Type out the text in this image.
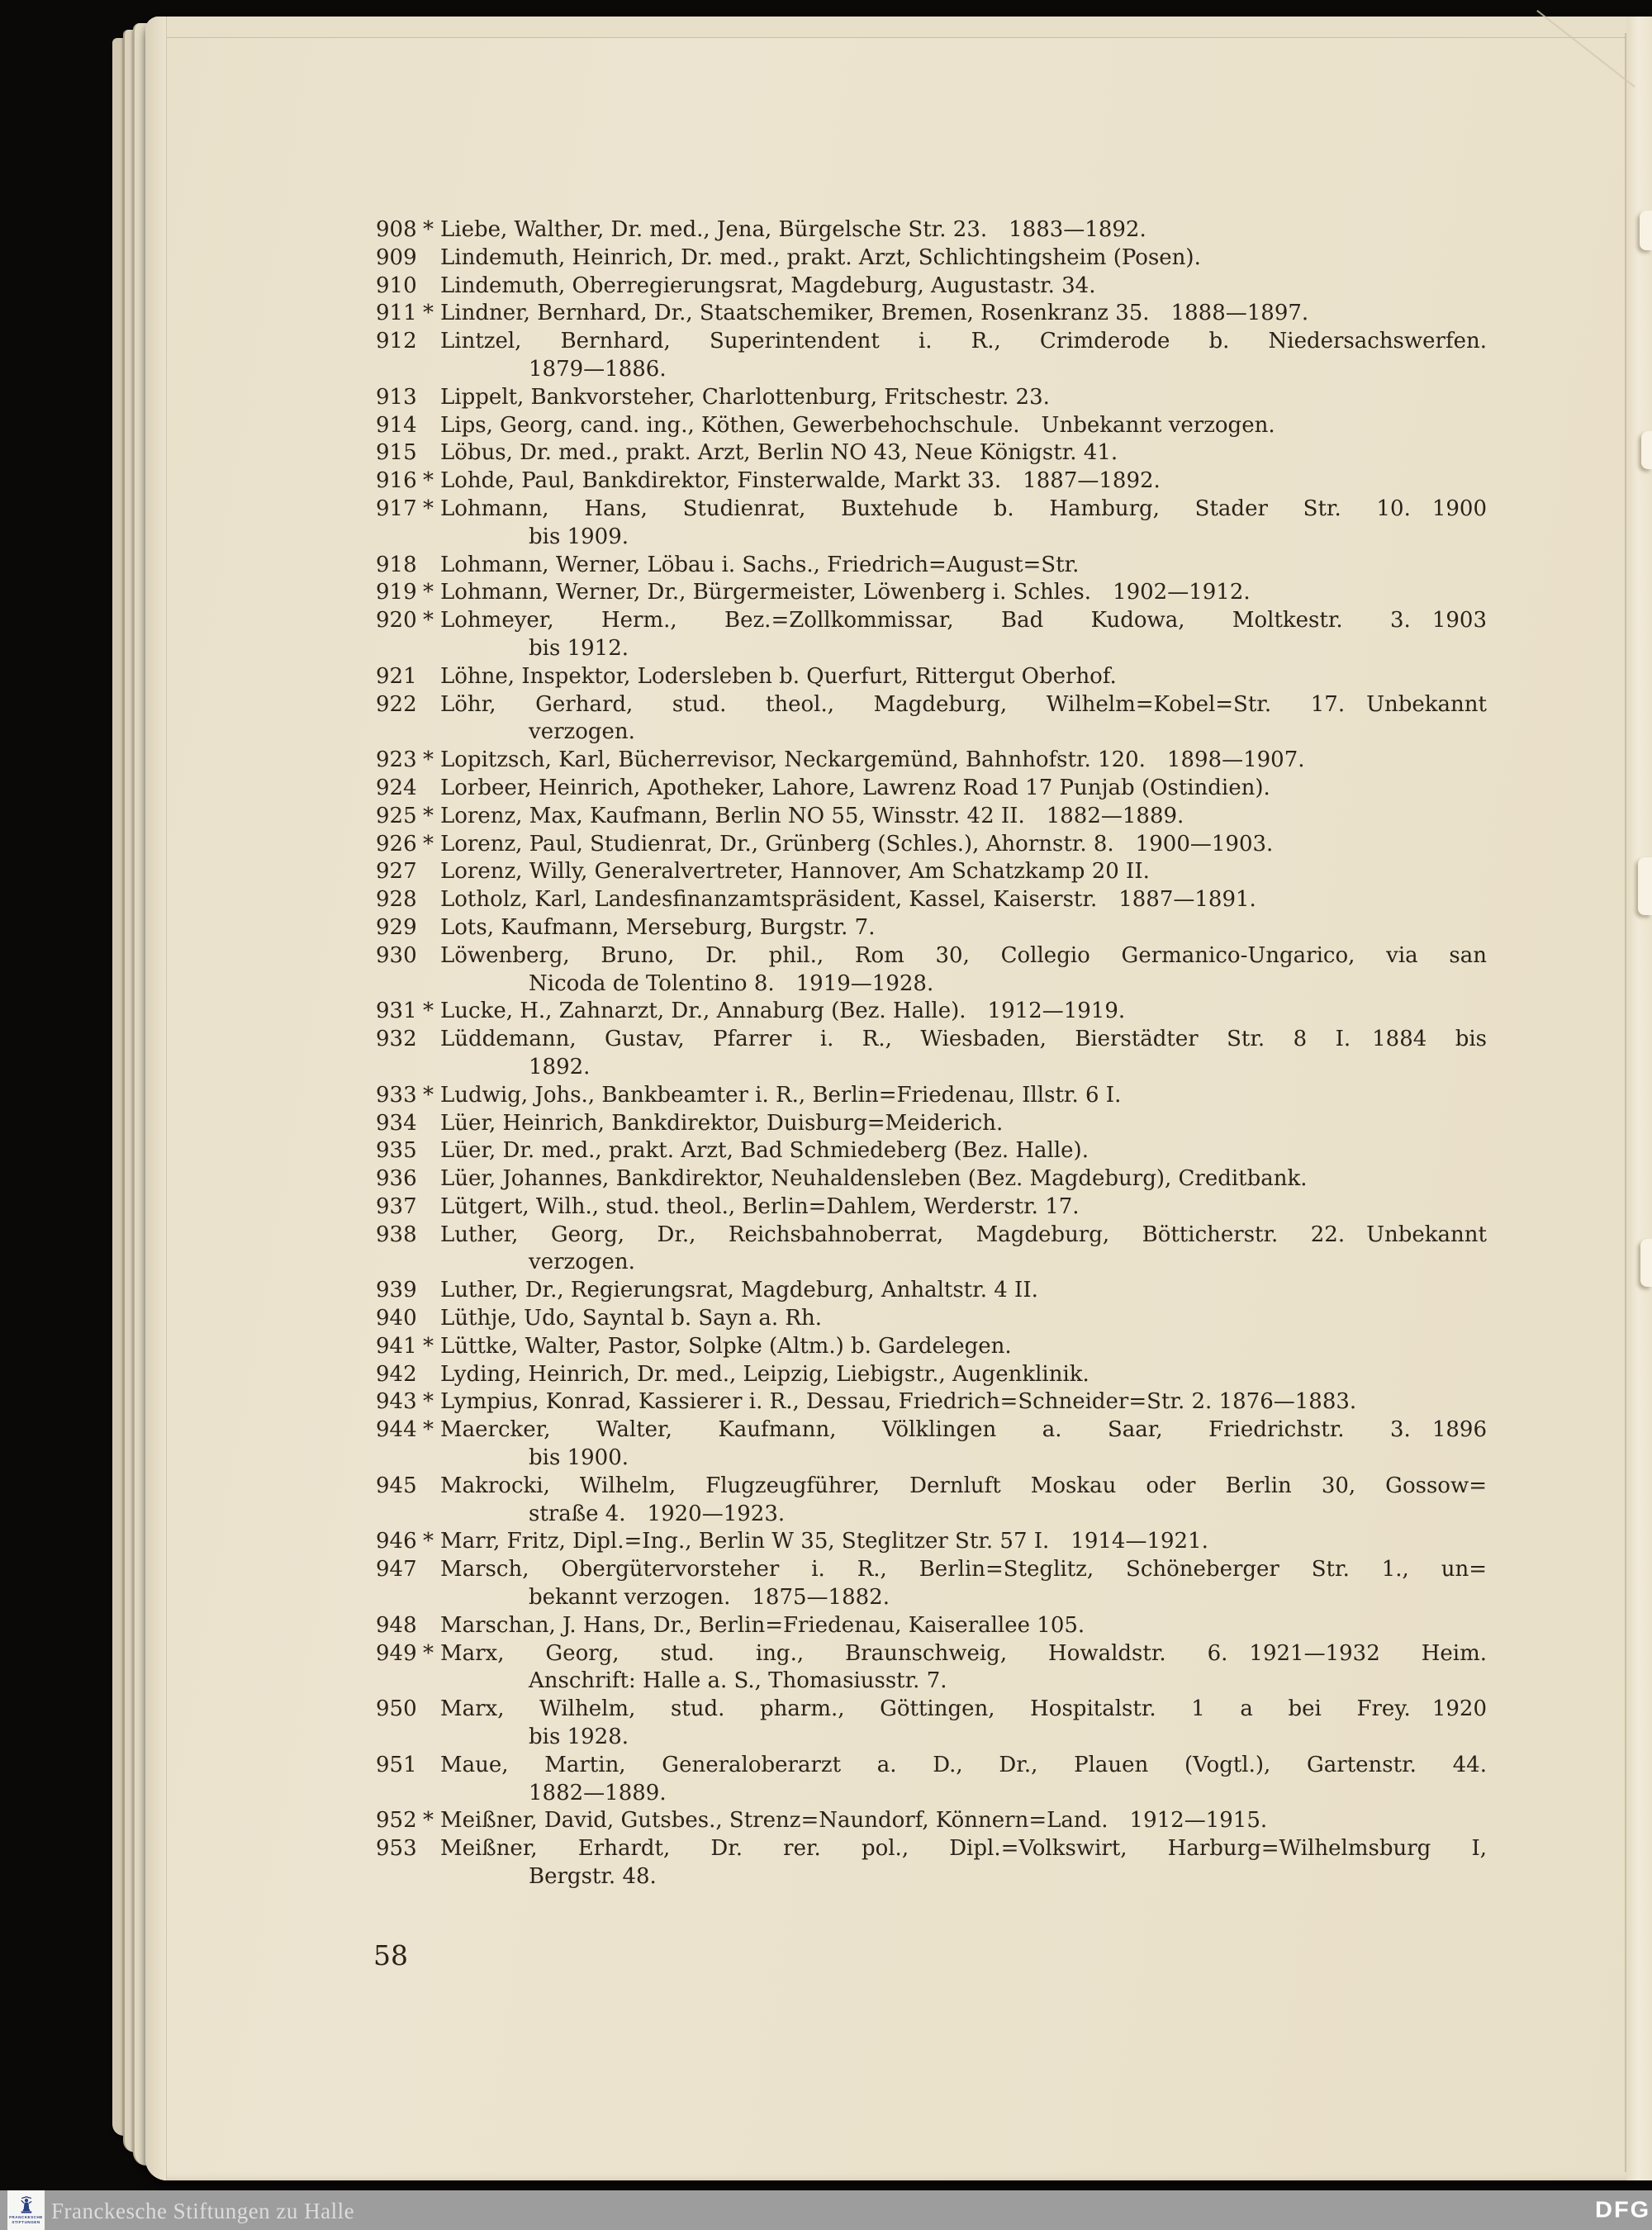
908 * Liebe, Walther, Dr. med., Jena, Bürgelsche Str. 23. 1883—1892.
909 Lindemuth, Heinrich, Dr. med., prakt. Arzt, Schlichtingsheim (Posen).
910 Lindemuth, Oberregierungsrat, Magdeburg, Augustastr. 34.
911 * Lindner, Bernhard, Dr., Staatschemiker, Bremen, Rosenkranz 35. 1888—1897.
912 Lintzel, Bernhard, Superintendent i. R., Crimderode b. Niedersachswerfen.
1879—1886.
913 Lippelt, Bankvorsteher, Charlottenburg, Fritschestr. 23.
914 Lips, Georg, cand. ing., Köthen, Gewerbehochschule. Unbekannt verzogen.
915 Löbus, Dr. med., prakt. Arzt, Berlin NO 43, Neue Königstr. 41.
916 * Lohde, Paul, Bankdirektor, Finsterwalde, Markt 33. 1887—1892.
917 * Lohmann, Hans, Studienrat, Buxtehude b. Hamburg, Stader Str. 10. 1900
bis 1909.
918 Lohmann, Werner, Löbau i. Sachs., Friedrich=August=Str.
919 * Lohmann, Werner, Dr., Bürgermeister, Löwenberg i. Schles. 1902—1912.
920 * Lohmeyer, Herm., Bez.=Zollkommissar, Bad Kudowa, Moltkestr. 3. 1903
bis 1912.
921 Löhne, Inspektor, Lodersleben b. Querfurt, Rittergut Oberhof.
922 Löhr, Gerhard, stud. theol., Magdeburg, Wilhelm=Kobel=Str. 17. Unbekannt
verzogen.
923 * Lopitzsch, Karl, Bücherrevisor, Neckargemünd, Bahnhofstr. 120. 1898—1907.
924 Lorbeer, Heinrich, Apotheker, Lahore, Lawrenz Road 17 Punjab (Ostindien).
925 * Lorenz, Max, Kaufmann, Berlin NO 55, Winsstr. 42 II. 1882—1889.
926 * Lorenz, Paul, Studienrat, Dr., Grünberg (Schles.), Ahornstr. 8. 1900—1903.
927 Lorenz, Willy, Generalvertreter, Hannover, Am Schatzkamp 20 II.
928 Lotholz, Karl, Landesfinanzamtspräsident, Kassel, Kaiserstr. 1887—1891.
929 Lots, Kaufmann, Merseburg, Burgstr. 7.
930 Löwenberg, Bruno, Dr. phil., Rom 30, Collegio Germanico-Ungarico, via san
Nicoda de Tolentino 8. 1919—1928.
931 * Lucke, H., Zahnarzt, Dr., Annaburg (Bez. Halle). 1912—1919.
932 Lüddemann, Gustav, Pfarrer i. R., Wiesbaden, Bierstädter Str. 8 I. 1884 bis
1892.
933 * Ludwig, Johs., Bankbeamter i. R., Berlin=Friedenau, Illstr. 6 I.
934 Lüer, Heinrich, Bankdirektor, Duisburg=Meiderich.
935 Lüer, Dr. med., prakt. Arzt, Bad Schmiedeberg (Bez. Halle).
936 Lüer, Johannes, Bankdirektor, Neuhaldensleben (Bez. Magdeburg), Creditbank.
937 Lütgert, Wilh., stud. theol., Berlin=Dahlem, Werderstr. 17.
938 Luther, Georg, Dr., Reichsbahnoberrat, Magdeburg, Bötticherstr. 22. Unbekannt
verzogen.
939 Luther, Dr., Regierungsrat, Magdeburg, Anhaltstr. 4 II.
940 Lüthje, Udo, Sayntal b. Sayn a. Rh.
941 * Lüttke, Walter, Pastor, Solpke (Altm.) b. Gardelegen.
942 Lyding, Heinrich, Dr. med., Leipzig, Liebigstr., Augenklinik.
943 * Lympius, Konrad, Kassierer i. R., Dessau, Friedrich=Schneider=Str. 2. 1876—1883.
944 * Maercker, Walter, Kaufmann, Völklingen a. Saar, Friedrichstr. 3. 1896
bis 1900.
945 Makrocki, Wilhelm, Flugzeugführer, Dernluft Moskau oder Berlin 30, Gossow=
straße 4. 1920—1923.
946 * Marr, Fritz, Dipl.=Ing., Berlin W 35, Steglitzer Str. 57 I. 1914—1921.
947 Marsch, Obergütervorsteher i. R., Berlin=Steglitz, Schöneberger Str. 1., un=
bekannt verzogen. 1875—1882.
948 Marschan, J. Hans, Dr., Berlin=Friedenau, Kaiserallee 105.
949 * Marx, Georg, stud. ing., Braunschweig, Howaldstr. 6. 1921—1932 Heim.
Anschrift: Halle a. S., Thomasiusstr. 7.
950 Marx, Wilhelm, stud. pharm., Göttingen, Hospitalstr. 1 a bei Frey. 1920
bis 1928.
951 Maue, Martin, Generaloberarzt a. D., Dr., Plauen (Vogtl.), Gartenstr. 44.
1882—1889.
952 * Meißner, David, Gutsbes., Strenz=Naundorf, Könnern=Land. 1912—1915.
953 Meißner, Erhardt, Dr. rer. pol., Dipl.=Volkswirt, Harburg=Wilhelmsburg I,
Bergstr. 48.
58
FRANCKESCHE
STIFTUNGEN Franckesche Stiftungen zu Halle	DFG
